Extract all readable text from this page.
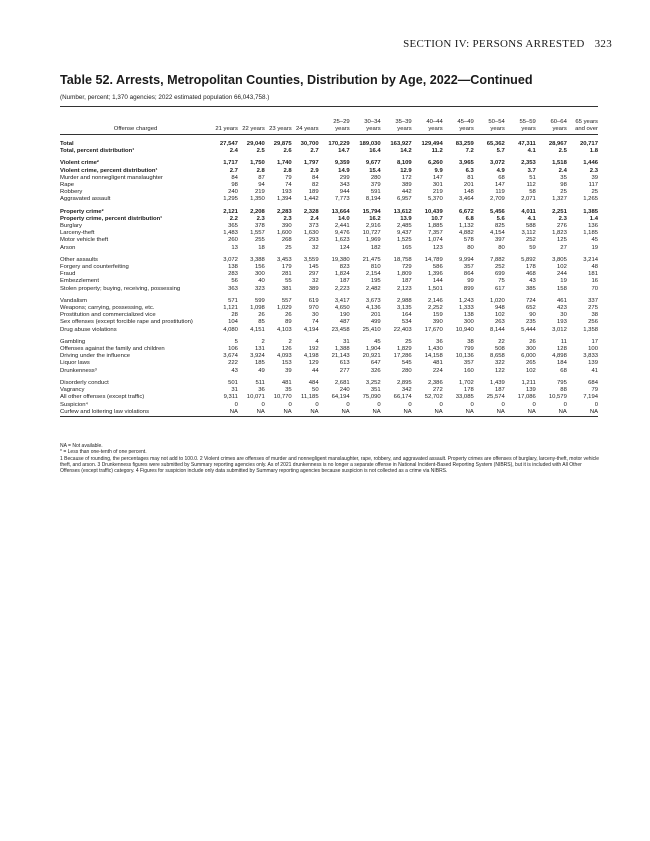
SECTION IV: PERSONS ARRESTED 323
Table 52. Arrests, Metropolitan Counties, Distribution by Age, 2022—Continued
(Number, percent; 1,370 agencies; 2022 estimated population 66,043,758.)
Offense charged	21 years	22 years	23 years	24 years	25–29 years	30–34 years	35–39 years	40–44 years	45–49 years	50–54 years	55–59 years	60–64 years	65 years and over
Total	27,547	29,040	29,875	30,700	170,229	189,030	163,927	129,494	83,259	65,362	47,311	28,967	20,717
Total, percent distribution¹	2.4	2.5	2.6	2.7	14.7	16.4	14.2	11.2	7.2	5.7	4.1	2.5	1.8
Violent crime²	1,717	1,750	1,740	1,797	9,359	9,677	8,109	6,260	3,965	3,072	2,353	1,518	1,446
Violent crime, percent distribution¹	2.7	2.8	2.8	2.9	14.9	15.4	12.9	9.9	6.3	4.9	3.7	2.4	2.3
Murder and nonnegligent manslaughter	84	87	79	84	299	280	172	147	81	68	51	35	39
Rape	98	94	74	82	343	379	389	301	201	147	112	98	117
Robbery	240	219	193	189	944	591	442	219	148	119	58	25	25
Aggravated assault	1,295	1,350	1,394	1,442	7,773	8,194	6,957	5,370	3,464	2,709	2,071	1,327	1,265
Property crime²	2,121	2,208	2,283	2,328	13,664	15,794	13,612	10,439	6,672	5,456	4,011	2,251	1,385
Property crime, percent distribution¹	2.2	2.3	2.3	2.4	14.0	16.2	13.9	10.7	6.8	5.6	4.1	2.3	1.4
Burglary	365	378	390	373	2,441	2,916	2,485	1,885	1,132	825	588	276	136
Larceny-theft	1,483	1,557	1,600	1,630	9,476	10,727	9,437	7,357	4,882	4,154	3,112	1,823	1,185
Motor vehicle theft	260	255	268	293	1,623	1,969	1,525	1,074	578	397	252	125	45
Arson	13	18	25	32	124	182	165	123	80	80	59	27	19
Other assaults	3,072	3,388	3,453	3,559	19,380	21,475	18,758	14,789	9,994	7,882	5,892	3,805	3,214
Forgery and counterfeiting	138	156	179	145	823	810	729	586	357	252	178	102	48
Fraud	283	300	281	297	1,824	2,154	1,809	1,396	864	699	468	244	181
Embezzlement	56	40	55	32	187	195	187	144	99	75	43	19	16
Stolen property; buying, receiving, possessing	363	323	381	389	2,223	2,482	2,123	1,501	899	617	385	158	70
Vandalism	571	599	557	619	3,417	3,673	2,988	2,146	1,243	1,020	724	461	337
Weapons; carrying, possessing, etc.	1,121	1,098	1,029	970	4,650	4,136	3,135	2,252	1,333	948	652	423	275
Prostitution and commercialized vice	28	26	26	30	190	201	164	159	138	102	90	30	38
Sex offenses (except forcible rape and prostitution)	104	85	89	74	487	499	534	390	300	263	235	193	256
Drug abuse violations	4,080	4,151	4,103	4,194	23,458	25,410	22,403	17,670	10,940	8,144	5,444	3,012	1,358
Gambling	5	2	2	4	31	45	25	36	38	22	26	11	17
Offenses against the family and children	106	131	126	192	1,388	1,904	1,829	1,430	799	508	300	128	100
Driving under the influence	3,674	3,924	4,093	4,198	21,143	20,921	17,286	14,158	10,136	8,658	6,000	4,898	3,833
Liquor laws	222	185	153	129	613	647	545	481	357	322	265	184	139
Drunkenness³	43	49	39	44	277	326	280	224	160	122	102	68	41
Disorderly conduct	501	511	481	484	2,681	3,252	2,895	2,386	1,702	1,439	1,211	795	684
Vagrancy	31	36	35	50	240	351	342	272	178	187	139	88	79
All other offenses (except traffic)	9,311	10,071	10,770	11,185	64,194	75,090	66,174	52,702	33,085	25,574	17,086	10,579	7,194
Suspicion⁴	0	0	0	0	0	0	0	0	0	0	0	0	0
Curfew and loitering law violations	NA	NA	NA	NA	NA	NA	NA	NA	NA	NA	NA	NA	NA
NA = Not available.
* = Less than one-tenth of one percent.
1 Because of rounding, the percentages may not add to 100.0. 2 Violent crimes are offenses of murder and nonnegligent manslaughter, rape, robbery, and aggravated assault. Property crimes are offenses of burglary, larceny-theft, motor vehicle theft, and arson. 3 Drunkenness figures were submitted by Summary reporting agencies only. As of 2021 drunkenness is no longer a separate offense in National Incident-Based Reporting System (NIBRS), but it is included with All Other Offenses (except traffic) category. 4 Figures for suspicion include only data submitted by Summary reporting agencies because suspicion is not collected as a crime via NIBRS.
